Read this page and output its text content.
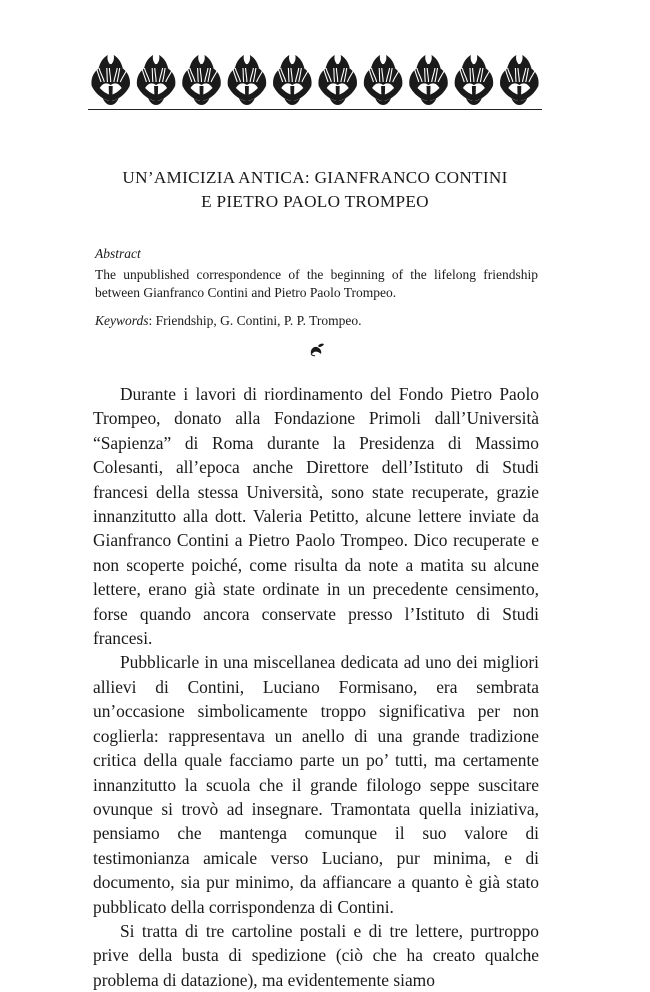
UN’AMICIZIA ANTICA: GIANFRANCO CONTINI
E PIETRO PAOLO TROMPEO
Abstract
The unpublished correspondence of the beginning of the lifelong friendship between Gianfranco Contini and Pietro Paolo Trompeo.
Keywords: Friendship, G. Contini, P. P. Trompeo.

Durante i lavori di riordinamento del Fondo Pietro Paolo Trompeo, donato alla Fondazione Primoli dall’Università “Sapienza” di Roma durante la Presidenza di Massimo Colesanti, all’epoca anche Direttore dell’Istituto di Studi francesi della stessa Università, sono state recuperate, grazie innanzitutto alla dott. Valeria Petitto, alcune lettere inviate da Gianfranco Contini a Pietro Paolo Trompeo. Dico recuperate e non scoperte poiché, come risulta da note a matita su alcune lettere, erano già state ordinate in un precedente censimento, forse quando ancora conservate presso l’Istituto di Studi francesi.

Pubblicarle in una miscellanea dedicata ad uno dei migliori allievi di Contini, Luciano Formisano, era sembrata un’occasione simbolicamente troppo significativa per non coglierla: rappresentava un anello di una grande tradizione critica della quale facciamo parte un po’ tutti, ma certamente innanzitutto la scuola che il grande filologo seppe suscitare ovunque si trovò ad insegnare. Tramontata quella iniziativa, pensiamo che mantenga comunque il suo valore di testimonianza amicale verso Luciano, pur minima, e di documento, sia pur minimo, da affiancare a quanto è già stato pubblicato della corrispondenza di Contini.

Si tratta di tre cartoline postali e di tre lettere, purtroppo prive della busta di spedizione (ciò che ha creato qualche problema di datazione), ma evidentemente siamo
